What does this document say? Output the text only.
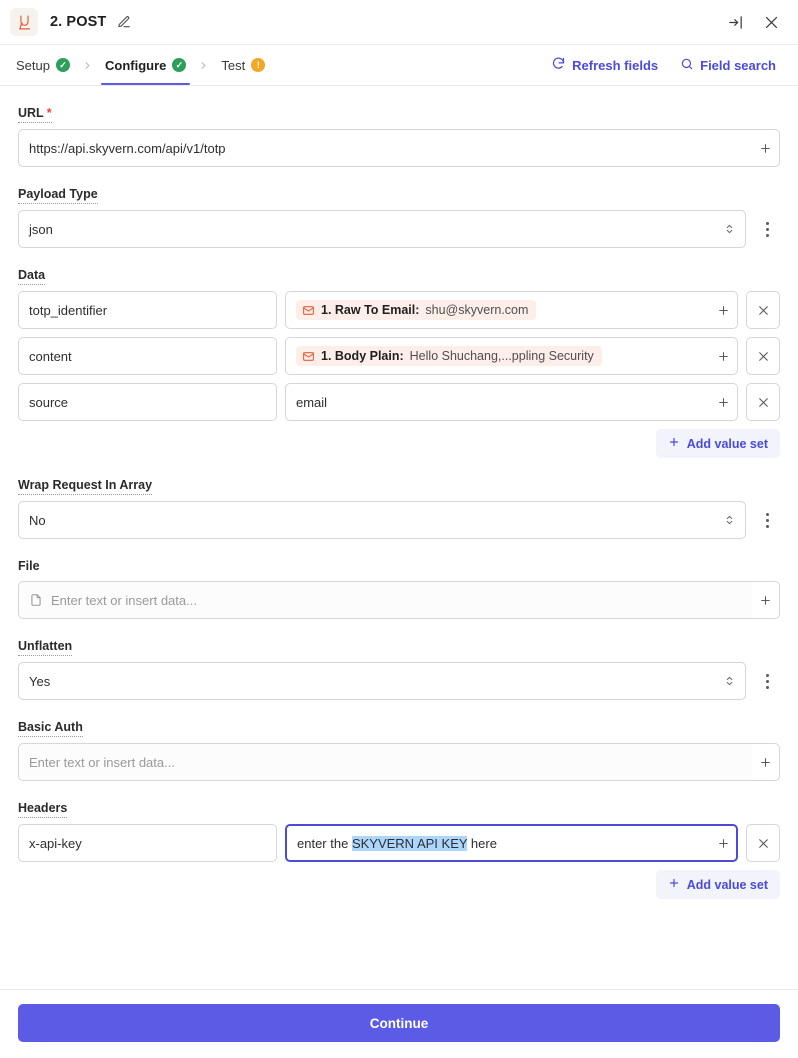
2. POST
Setup	✓	Configure	✓	Test	!	Refresh fields	Field search
URL *
https://api.skyvern.com/api/v1/totp
Payload Type
json
Data
totp_identifier	1. Raw To Email: shu@skyvern.com
content	1. Body Plain: Hello Shuchang,...ppling Security
source	email
Add value set
Wrap Request In Array
No
File
Enter text or insert data...
Unflatten
Yes
Basic Auth
Enter text or insert data...
Headers
x-api-key	enter the SKYVERN API KEY here
Add value set
Continue
